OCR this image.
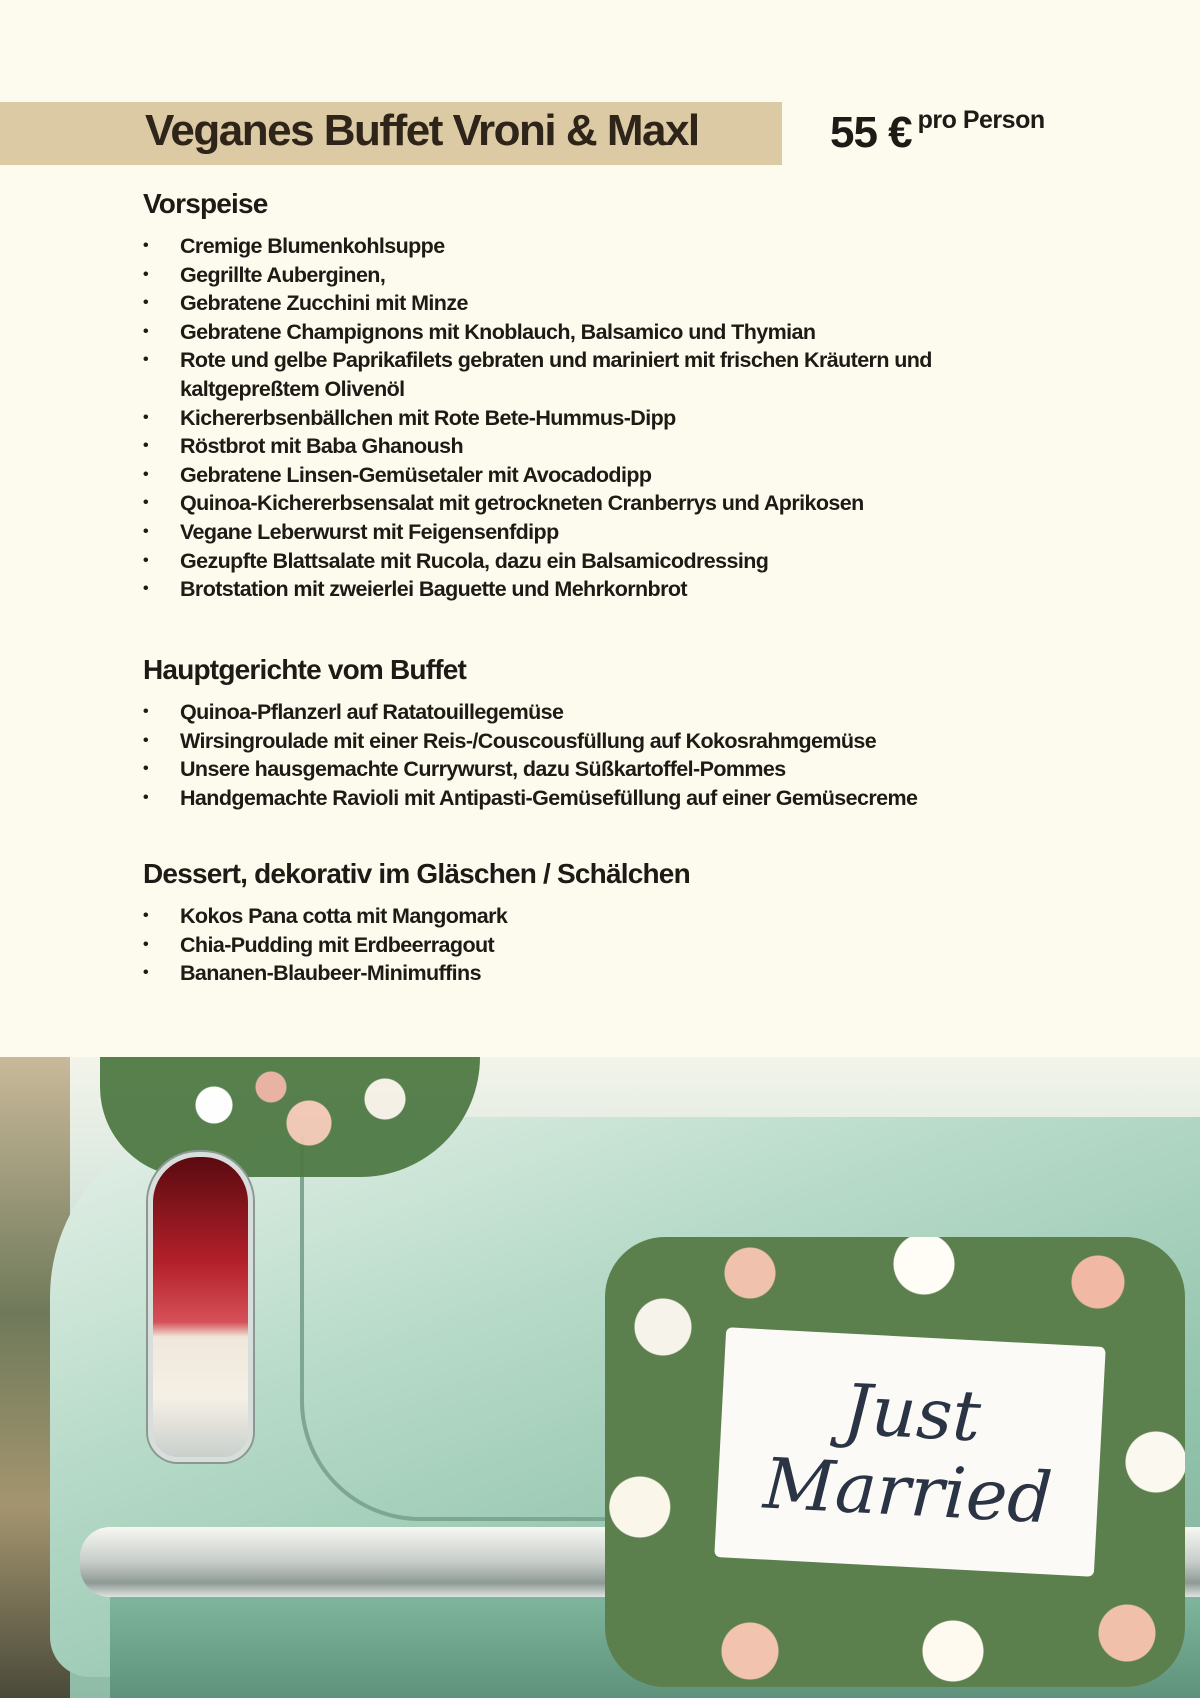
Veganes Buffet Vroni & Maxl	55 € $^{pro Person}$
Vorspeise
• Cremige Blumenkohlsuppe
• Gegrillte Auberginen,
• Gebratene Zucchini mit Minze
• Gebratene Champignons mit Knoblauch, Balsamico und Thymian
• Rote und gelbe Paprikafilets gebraten und mariniert mit frischen Kräutern und kaltgepreßtem Olivenöl
• Kichererbsenbällchen mit Rote Bete-Hummus-Dipp
• Röstbrot mit Baba Ghanoush
• Gebratene Linsen-Gemüsetaler mit Avocadodipp
• Quinoa-Kichererbsensalat mit getrockneten Cranberrys und Aprikosen
• Vegane Leberwurst mit Feigensenfdipp
• Gezupfte Blattsalate mit Rucola, dazu ein Balsamicodressing
• Brotstation mit zweierlei Baguette und Mehrkornbrot
Hauptgerichte vom Buffet
• Quinoa-Pflanzerl auf Ratatouillegemüse
• Wirsingroulade mit einer Reis-/Couscousfüllung auf Kokosrahmgemüse
• Unsere hausgemachte Currywurst, dazu Süßkartoffel-Pommes
• Handgemachte Ravioli mit Antipasti-Gemüsefüllung auf einer Gemüsecreme
Dessert, dekorativ im Gläschen / Schälchen
• Kokos Pana cotta mit Mangomark
• Chia-Pudding mit Erdbeerragout
• Bananen-Blaubeer-Minimuffins
Just
Married
